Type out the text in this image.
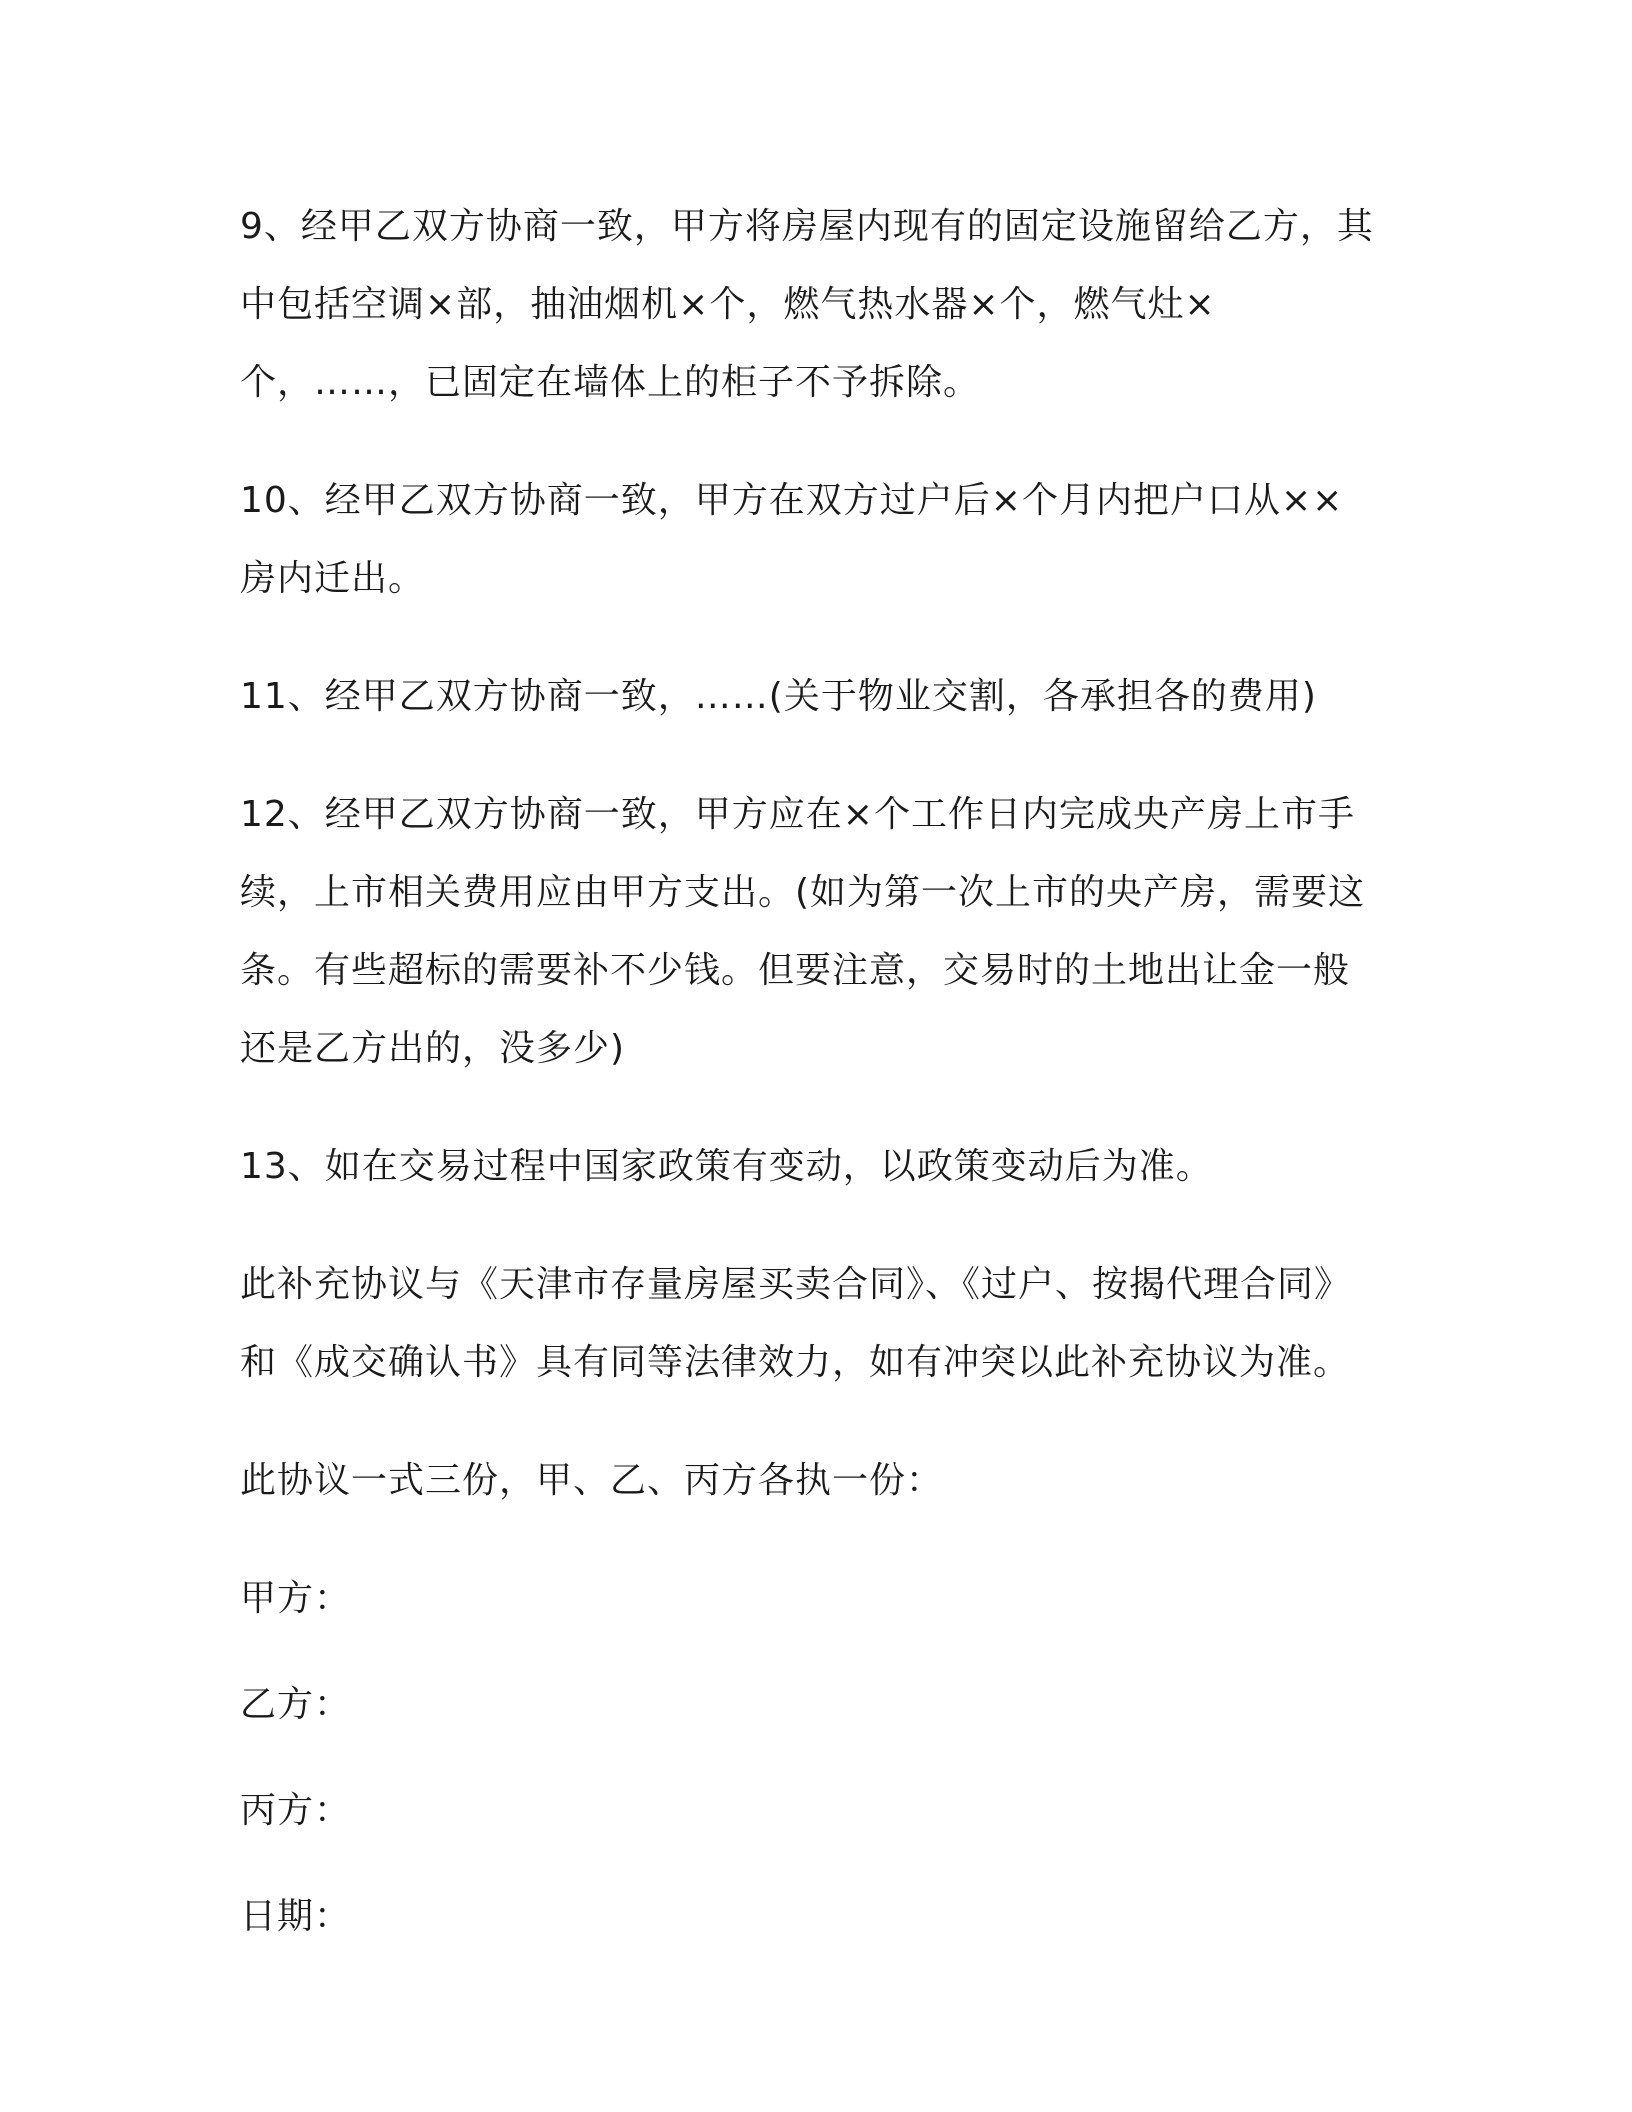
9、经甲乙双方协商一致，甲方将房屋内现有的固定设施留给乙方，其
中包括空调×部，抽油烟机×个，燃气热水器×个，燃气灶×
个，……，已固定在墙体上的柜子不予拆除。

10、经甲乙双方协商一致，甲方在双方过户后×个月内把户口从××
房内迁出。

11、经甲乙双方协商一致，……(关于物业交割，各承担各的费用)

12、经甲乙双方协商一致，甲方应在×个工作日内完成央产房上市手
续，上市相关费用应由甲方支出。(如为第一次上市的央产房，需要这
条。有些超标的需要补不少钱。但要注意，交易时的土地出让金一般
还是乙方出的，没多少)

13、如在交易过程中国家政策有变动，以政策变动后为准。

此补充协议与《天津市存量房屋买卖合同》、《过户、按揭代理合同》
和《成交确认书》具有同等法律效力，如有冲突以此补充协议为准。

此协议一式三份，甲、乙、丙方各执一份：

甲方：

乙方：

丙方：

日期：
